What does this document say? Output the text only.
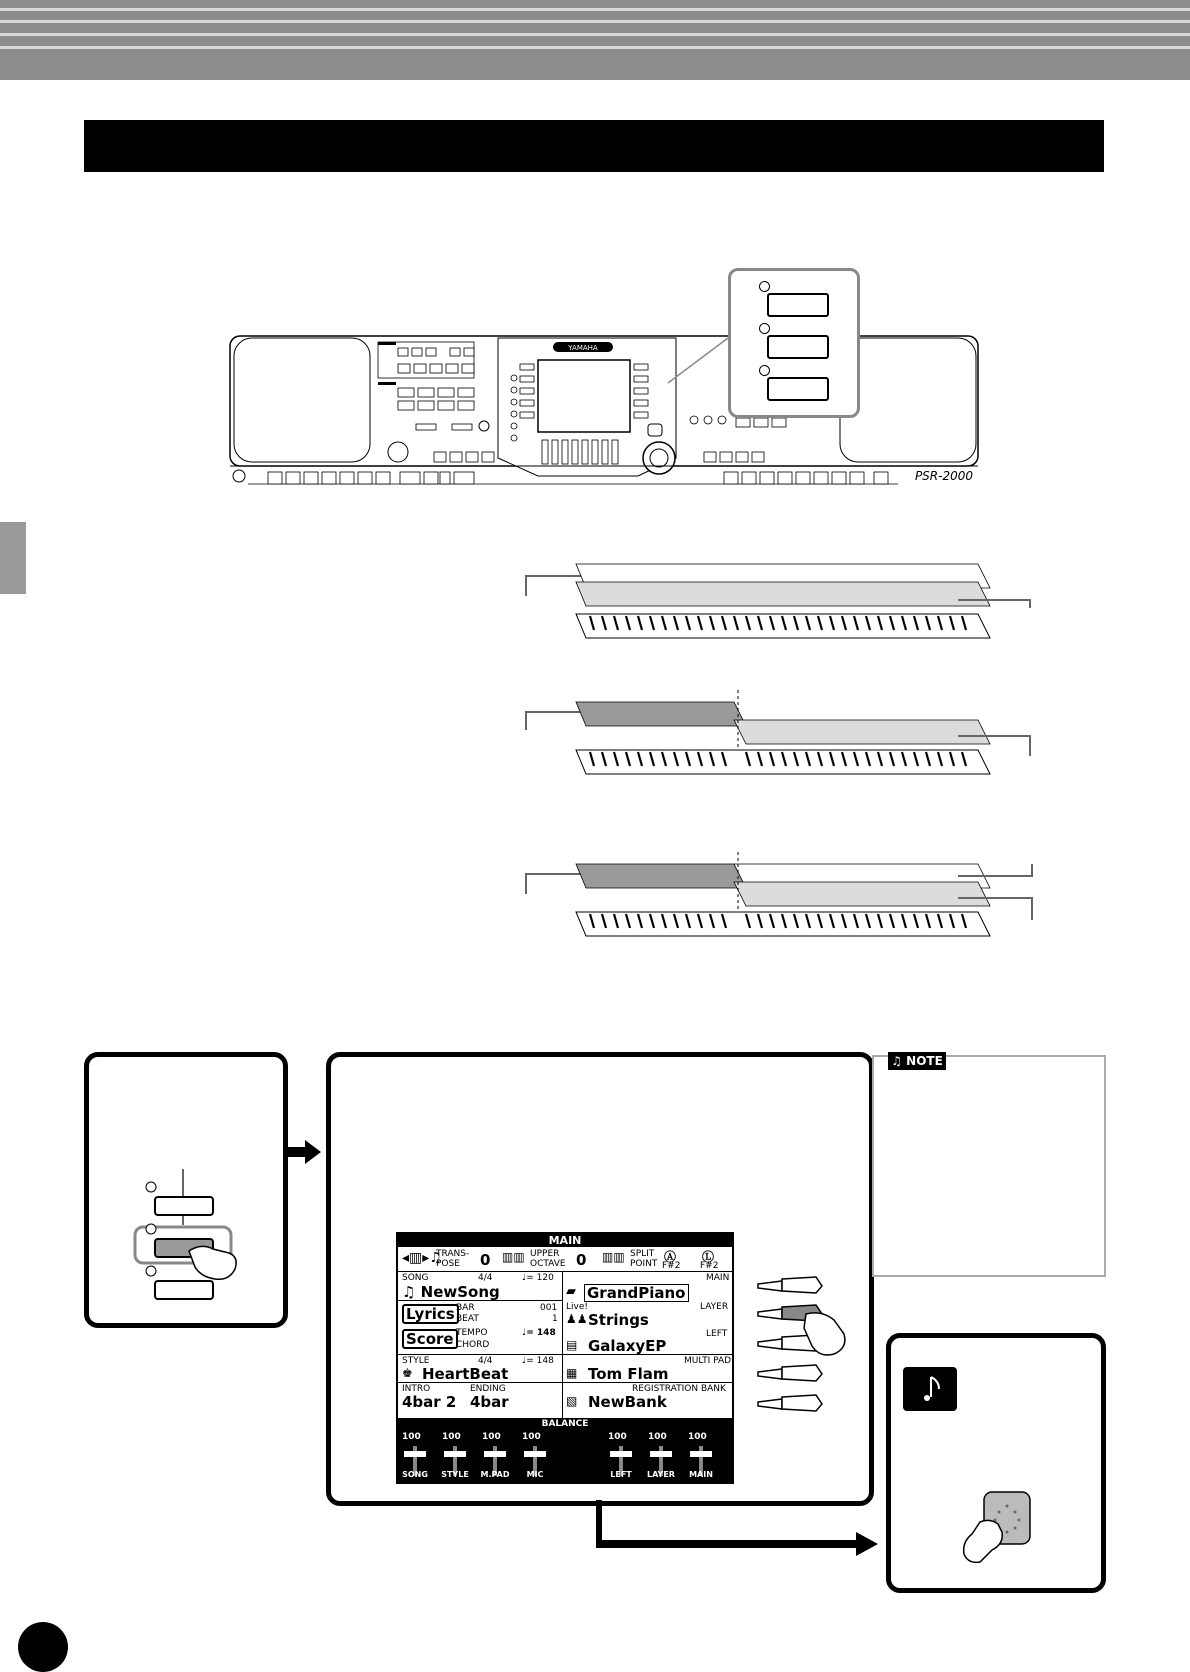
YAMAHA
PSR-2000
MAIN
◂▥▸♫
TRANS-
POSE 0 ▥▥ UPPER
OCTAVE 0 ▥▥ SPLIT
POINT Ⓐ
F#2
Ⓛ
F#2
SONG	4/4	♩= 120
♫ NewSong
MAIN
▰ GrandPiano
Lyrics
Score
BAR	001
BEAT	1
TEMPO	♩= 148
CHORD
Live!	LAYER
♟♟ Strings
LEFT
▤ GalaxyEP
STYLE	4/4	♩= 148
♚ HeartBeat
MULTI PAD
▦ Tom Flam
INTRO
4bar 2
ENDING
4bar
REGISTRATION BANK
▧ NewBank
BALANCE
100
SONG
100
STYLE
100
M.PAD
100
MIC
100
LEFT
100
LAYER
100
MAIN
♫ NOTE
